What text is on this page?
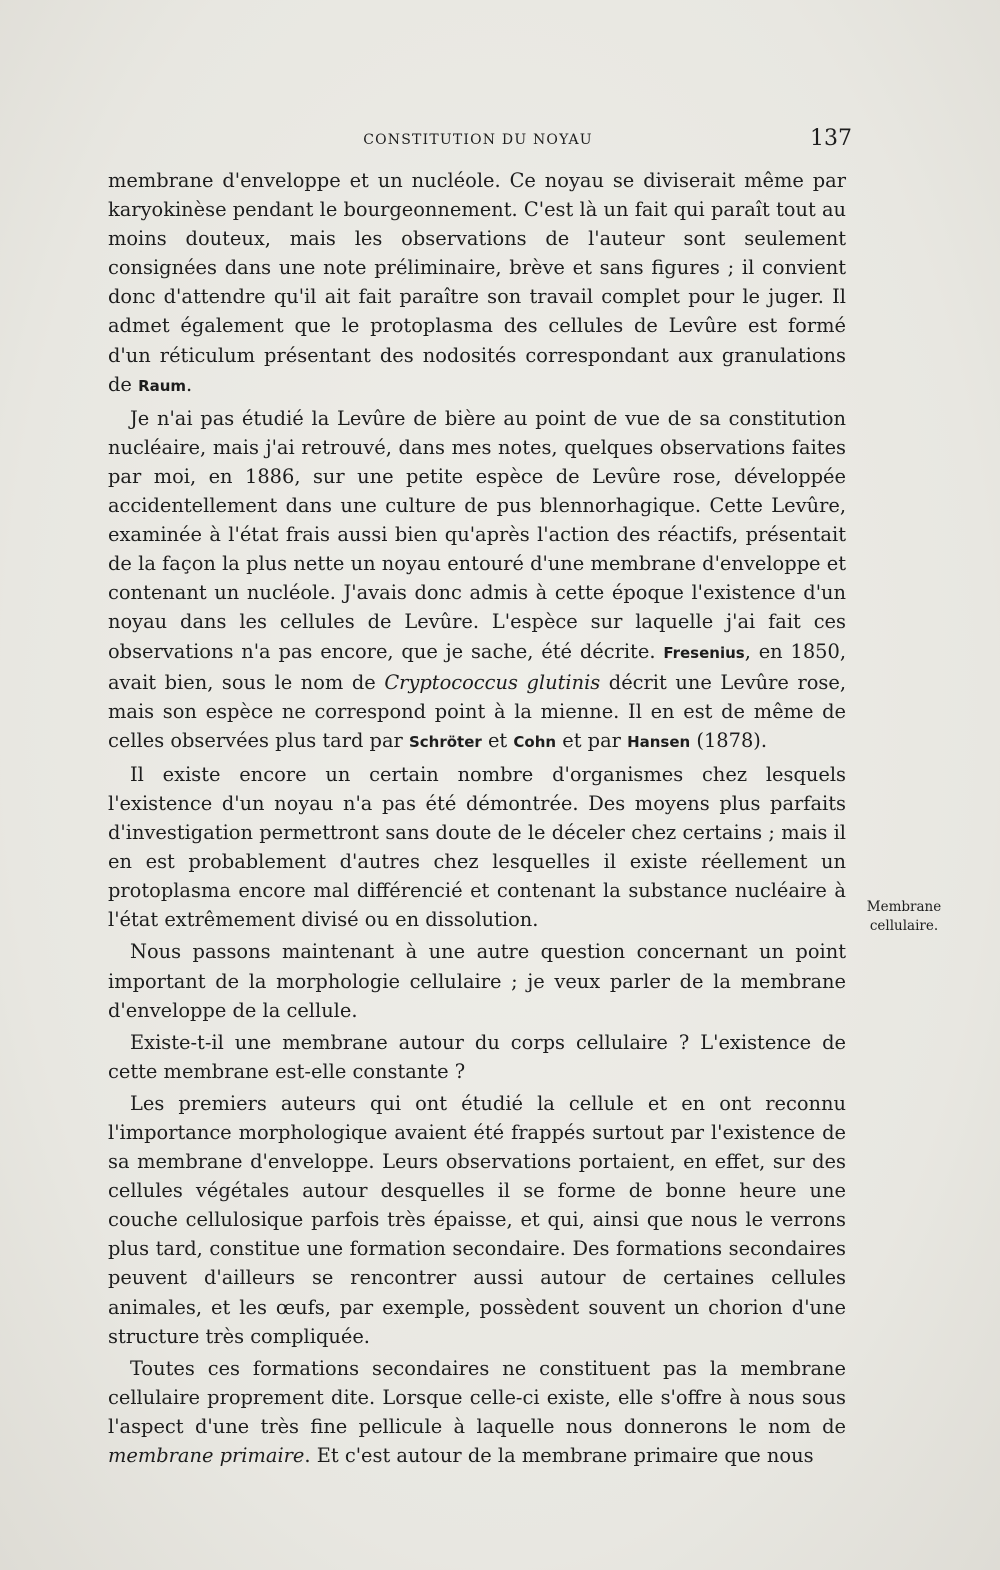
CONSTITUTION DU NOYAU	137

membrane d'enveloppe et un nucléole. Ce noyau se diviserait même par karyokinèse pendant le bourgeonnement. C'est là un fait qui paraît tout au moins douteux, mais les observations de l'auteur sont seulement consignées dans une note préliminaire, brève et sans figures ; il convient donc d'attendre qu'il ait fait paraître son travail complet pour le juger. Il admet également que le protoplasma des cellules de Levûre est formé d'un réticulum présentant des nodosités correspondant aux granulations de Raum.

Je n'ai pas étudié la Levûre de bière au point de vue de sa constitution nucléaire, mais j'ai retrouvé, dans mes notes, quelques observations faites par moi, en 1886, sur une petite espèce de Levûre rose, développée accidentellement dans une culture de pus blennorhagique. Cette Levûre, examinée à l'état frais aussi bien qu'après l'action des réactifs, présentait de la façon la plus nette un noyau entouré d'une membrane d'enveloppe et contenant un nucléole. J'avais donc admis à cette époque l'existence d'un noyau dans les cellules de Levûre. L'espèce sur laquelle j'ai fait ces observations n'a pas encore, que je sache, été décrite. Fresenius, en 1850, avait bien, sous le nom de Cryptococcus glutinis décrit une Levûre rose, mais son espèce ne correspond point à la mienne. Il en est de même de celles observées plus tard par Schröter et Cohn et par Hansen (1878).

Il existe encore un certain nombre d'organismes chez lesquels l'existence d'un noyau n'a pas été démontrée. Des moyens plus parfaits d'investigation permettront sans doute de le déceler chez certains ; mais il en est probablement d'autres chez lesquelles il existe réellement un protoplasma encore mal différencié et contenant la substance nucléaire à l'état extrêmement divisé ou en dissolution.

Nous passons maintenant à une autre question concernant un point important de la morphologie cellulaire ; je veux parler de la membrane d'enveloppe de la cellule.

Existe-t-il une membrane autour du corps cellulaire ? L'existence de cette membrane est-elle constante ?

Les premiers auteurs qui ont étudié la cellule et en ont reconnu l'importance morphologique avaient été frappés surtout par l'existence de sa membrane d'enveloppe. Leurs observations portaient, en effet, sur des cellules végétales autour desquelles il se forme de bonne heure une couche cellulosique parfois très épaisse, et qui, ainsi que nous le verrons plus tard, constitue une formation secondaire. Des formations secondaires peuvent d'ailleurs se rencontrer aussi autour de certaines cellules animales, et les œufs, par exemple, possèdent souvent un chorion d'une structure très compliquée.

Toutes ces formations secondaires ne constituent pas la membrane cellulaire proprement dite. Lorsque celle-ci existe, elle s'offre à nous sous l'aspect d'une très fine pellicule à laquelle nous donnerons le nom de membrane primaire. Et c'est autour de la membrane primaire que nous

Membrane
cellulaire.
